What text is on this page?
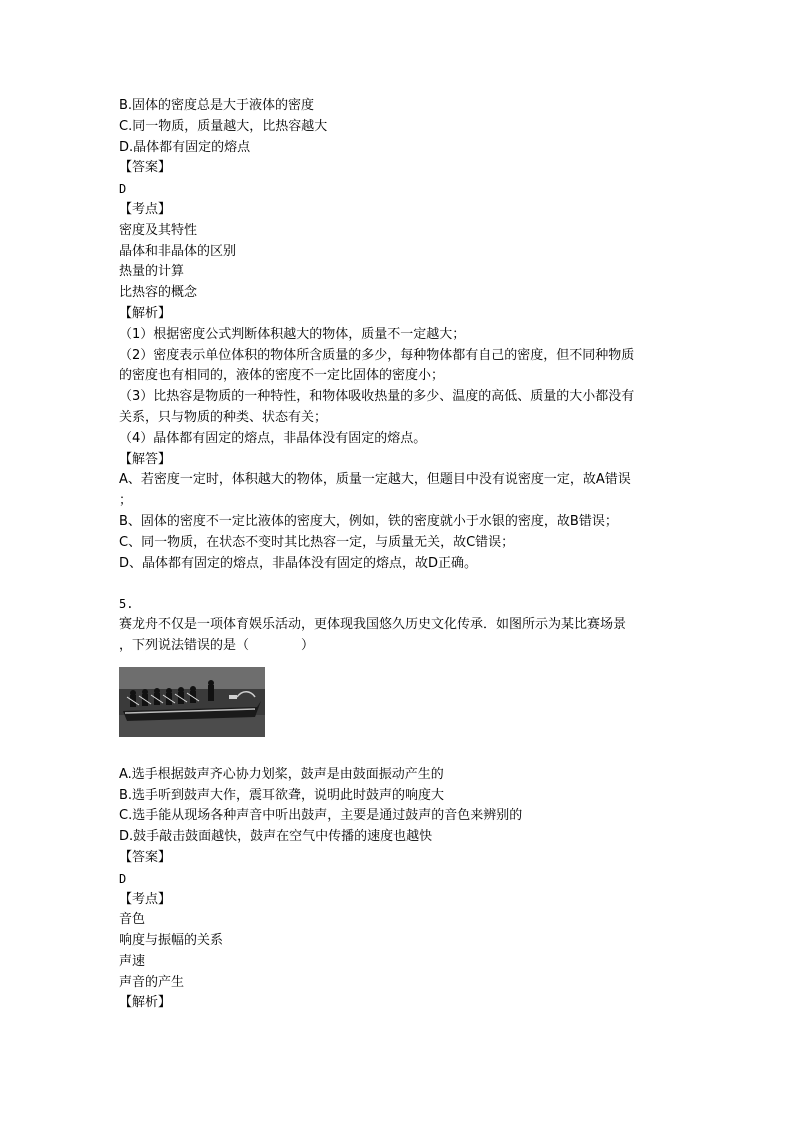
B.固体的密度总是大于液体的密度
C.同一物质，质量越大，比热容越大
D.晶体都有固定的熔点
【答案】
D
【考点】
密度及其特性
晶体和非晶体的区别
热量的计算
比热容的概念
【解析】
（1）根据密度公式判断体积越大的物体，质量不一定越大；
（2）密度表示单位体积的物体所含质量的多少，每种物体都有自己的密度，但不同种物质
的密度也有相同的，液体的密度不一定比固体的密度小；
（3）比热容是物质的一种特性，和物体吸收热量的多少、温度的高低、质量的大小都没有
关系，只与物质的种类、状态有关；
（4）晶体都有固定的熔点，非晶体没有固定的熔点。
【解答】
A、若密度一定时，体积越大的物体，质量一定越大，但题目中没有说密度一定，故A错误
；
B、固体的密度不一定比液体的密度大，例如，铁的密度就小于水银的密度，故B错误；
C、同一物质，在状态不变时其比热容一定，与质量无关，故C错误；
D、晶体都有固定的熔点，非晶体没有固定的熔点，故D正确。
5.
赛龙舟不仅是一项体育娱乐活动，更体现我国悠久历史文化传承．如图所示为某比赛场景
，下列说法错误的是（　　　　）
A.选手根据鼓声齐心协力划桨，鼓声是由鼓面振动产生的
B.选手听到鼓声大作，震耳欲聋，说明此时鼓声的响度大
C.选手能从现场各种声音中听出鼓声，主要是通过鼓声的音色来辨别的
D.鼓手敲击鼓面越快，鼓声在空气中传播的速度也越快
【答案】
D
【考点】
音色
响度与振幅的关系
声速
声音的产生
【解析】
